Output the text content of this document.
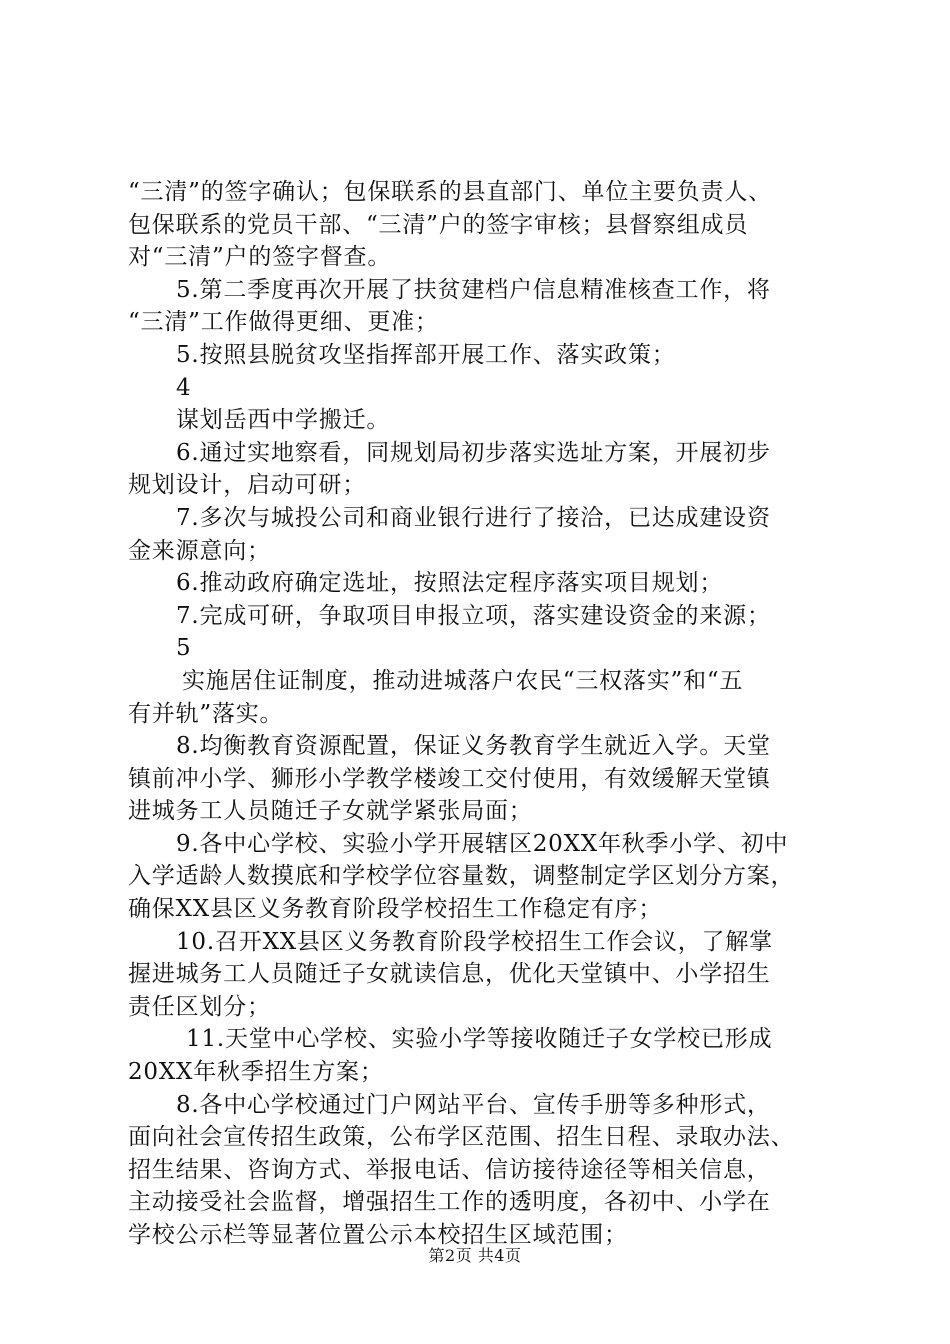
“三清”的签字确认；包保联系的县直部门、单位主要负责人、
包保联系的党员干部、“三清”户的签字审核；县督察组成员
对“三清”户的签字督查。
5.第二季度再次开展了扶贫建档户信息精准核查工作，将
“三清”工作做得更细、更准；
5.按照县脱贫攻坚指挥部开展工作、落实政策；
4
谋划岳西中学搬迁。
6.通过实地察看，同规划局初步落实选址方案，开展初步
规划设计，启动可研；
7.多次与城投公司和商业银行进行了接洽，已达成建设资
金来源意向；
6.推动政府确定选址，按照法定程序落实项目规划；
7.完成可研，争取项目申报立项，落实建设资金的来源；
5
实施居住证制度，推动进城落户农民“三权落实”和“五
有并轨”落实。
8.均衡教育资源配置，保证义务教育学生就近入学。天堂
镇前冲小学、狮形小学教学楼竣工交付使用，有效缓解天堂镇
进城务工人员随迁子女就学紧张局面；
9.各中心学校、实验小学开展辖区20XX年秋季小学、初中
入学适龄人数摸底和学校学位容量数，调整制定学区划分方案，
确保XX县区义务教育阶段学校招生工作稳定有序；
10.召开XX县区义务教育阶段学校招生工作会议，了解掌
握进城务工人员随迁子女就读信息，优化天堂镇中、小学招生
责任区划分；
11.天堂中心学校、实验小学等接收随迁子女学校已形成
20XX年秋季招生方案；
8.各中心学校通过门户网站平台、宣传手册等多种形式，
面向社会宣传招生政策，公布学区范围、招生日程、录取办法、
招生结果、咨询方式、举报电话、信访接待途径等相关信息，
主动接受社会监督，增强招生工作的透明度，各初中、小学在
学校公示栏等显著位置公示本校招生区域范围；
第2页 共4页
